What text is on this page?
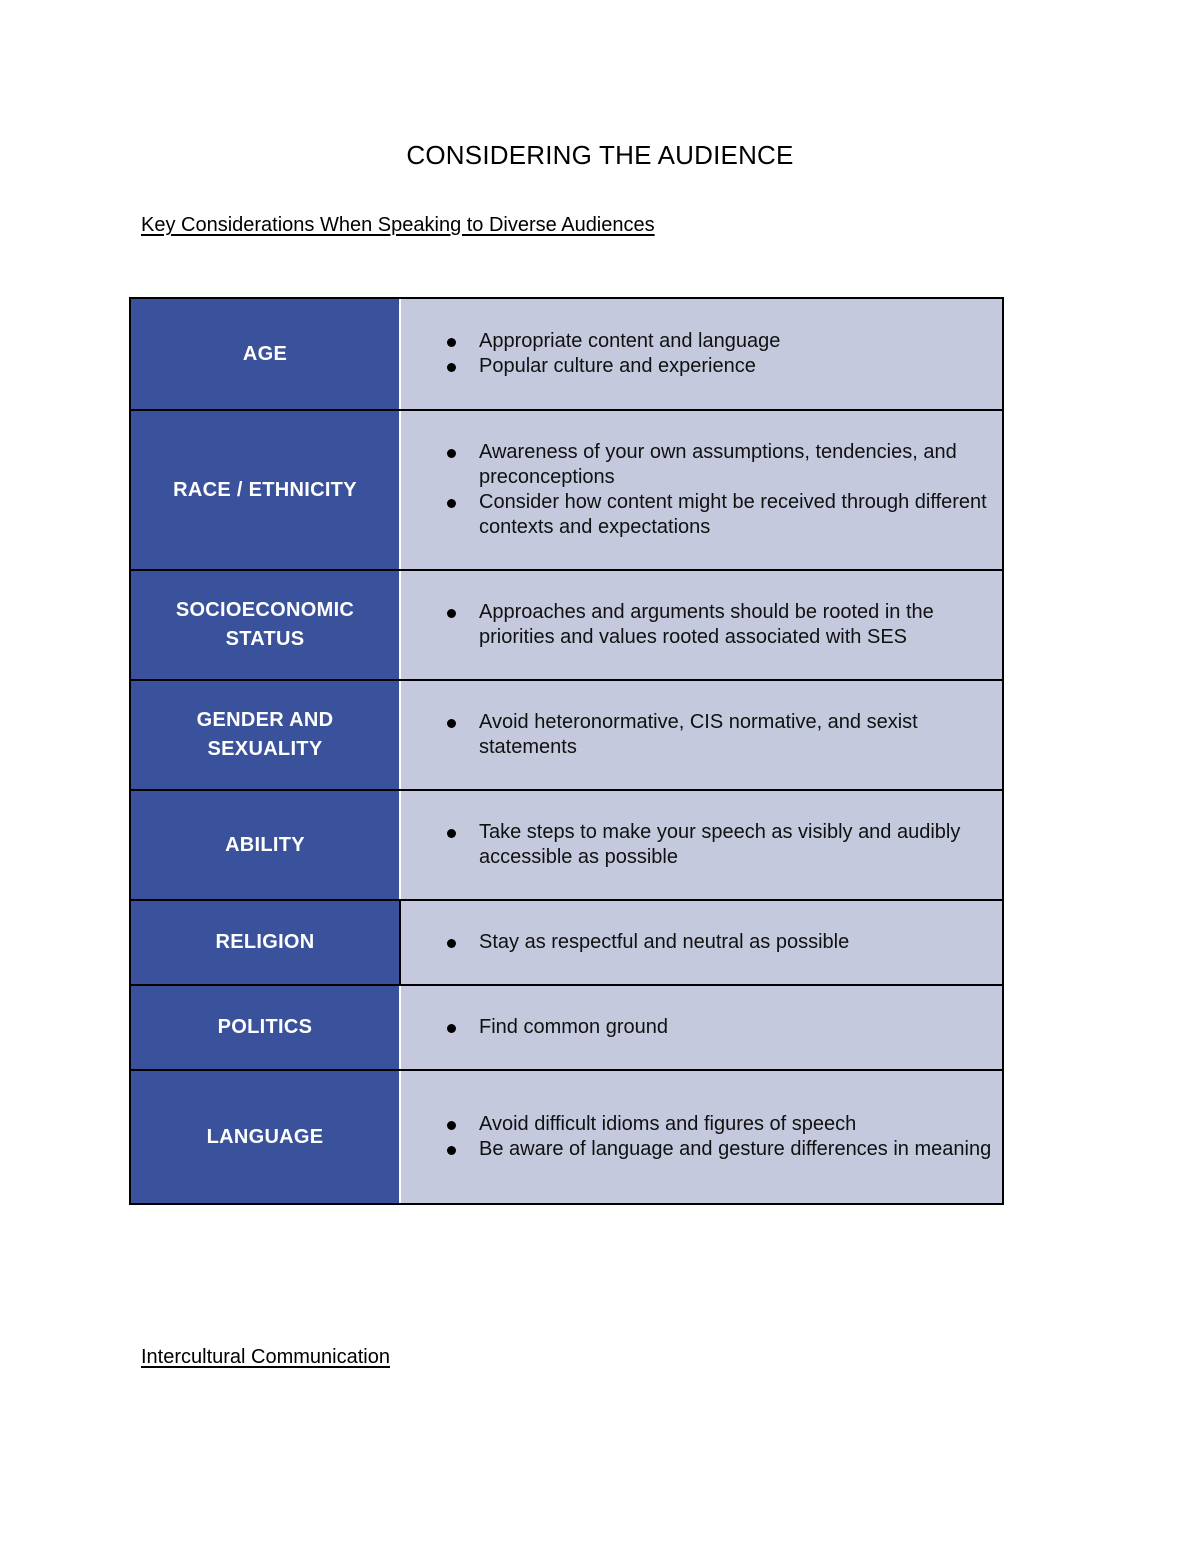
CONSIDERING THE AUDIENCE
Key Considerations When Speaking to Diverse Audiences
AGE
Appropriate content and language
Popular culture and experience
RACE / ETHNICITY
Awareness of your own assumptions, tendencies, and preconceptions
Consider how content might be received through different contexts and expectations
SOCIOECONOMIC STATUS
Approaches and arguments should be rooted in the priorities and values rooted associated with SES
GENDER AND SEXUALITY
Avoid heteronormative, CIS normative, and sexist statements
ABILITY
Take steps to make your speech as visibly and audibly accessible as possible
RELIGION	Stay as respectful and neutral as possible
POLITICS	Find common ground
LANGUAGE
Avoid difficult idioms and figures of speech
Be aware of language and gesture differences in meaning
Intercultural Communication
